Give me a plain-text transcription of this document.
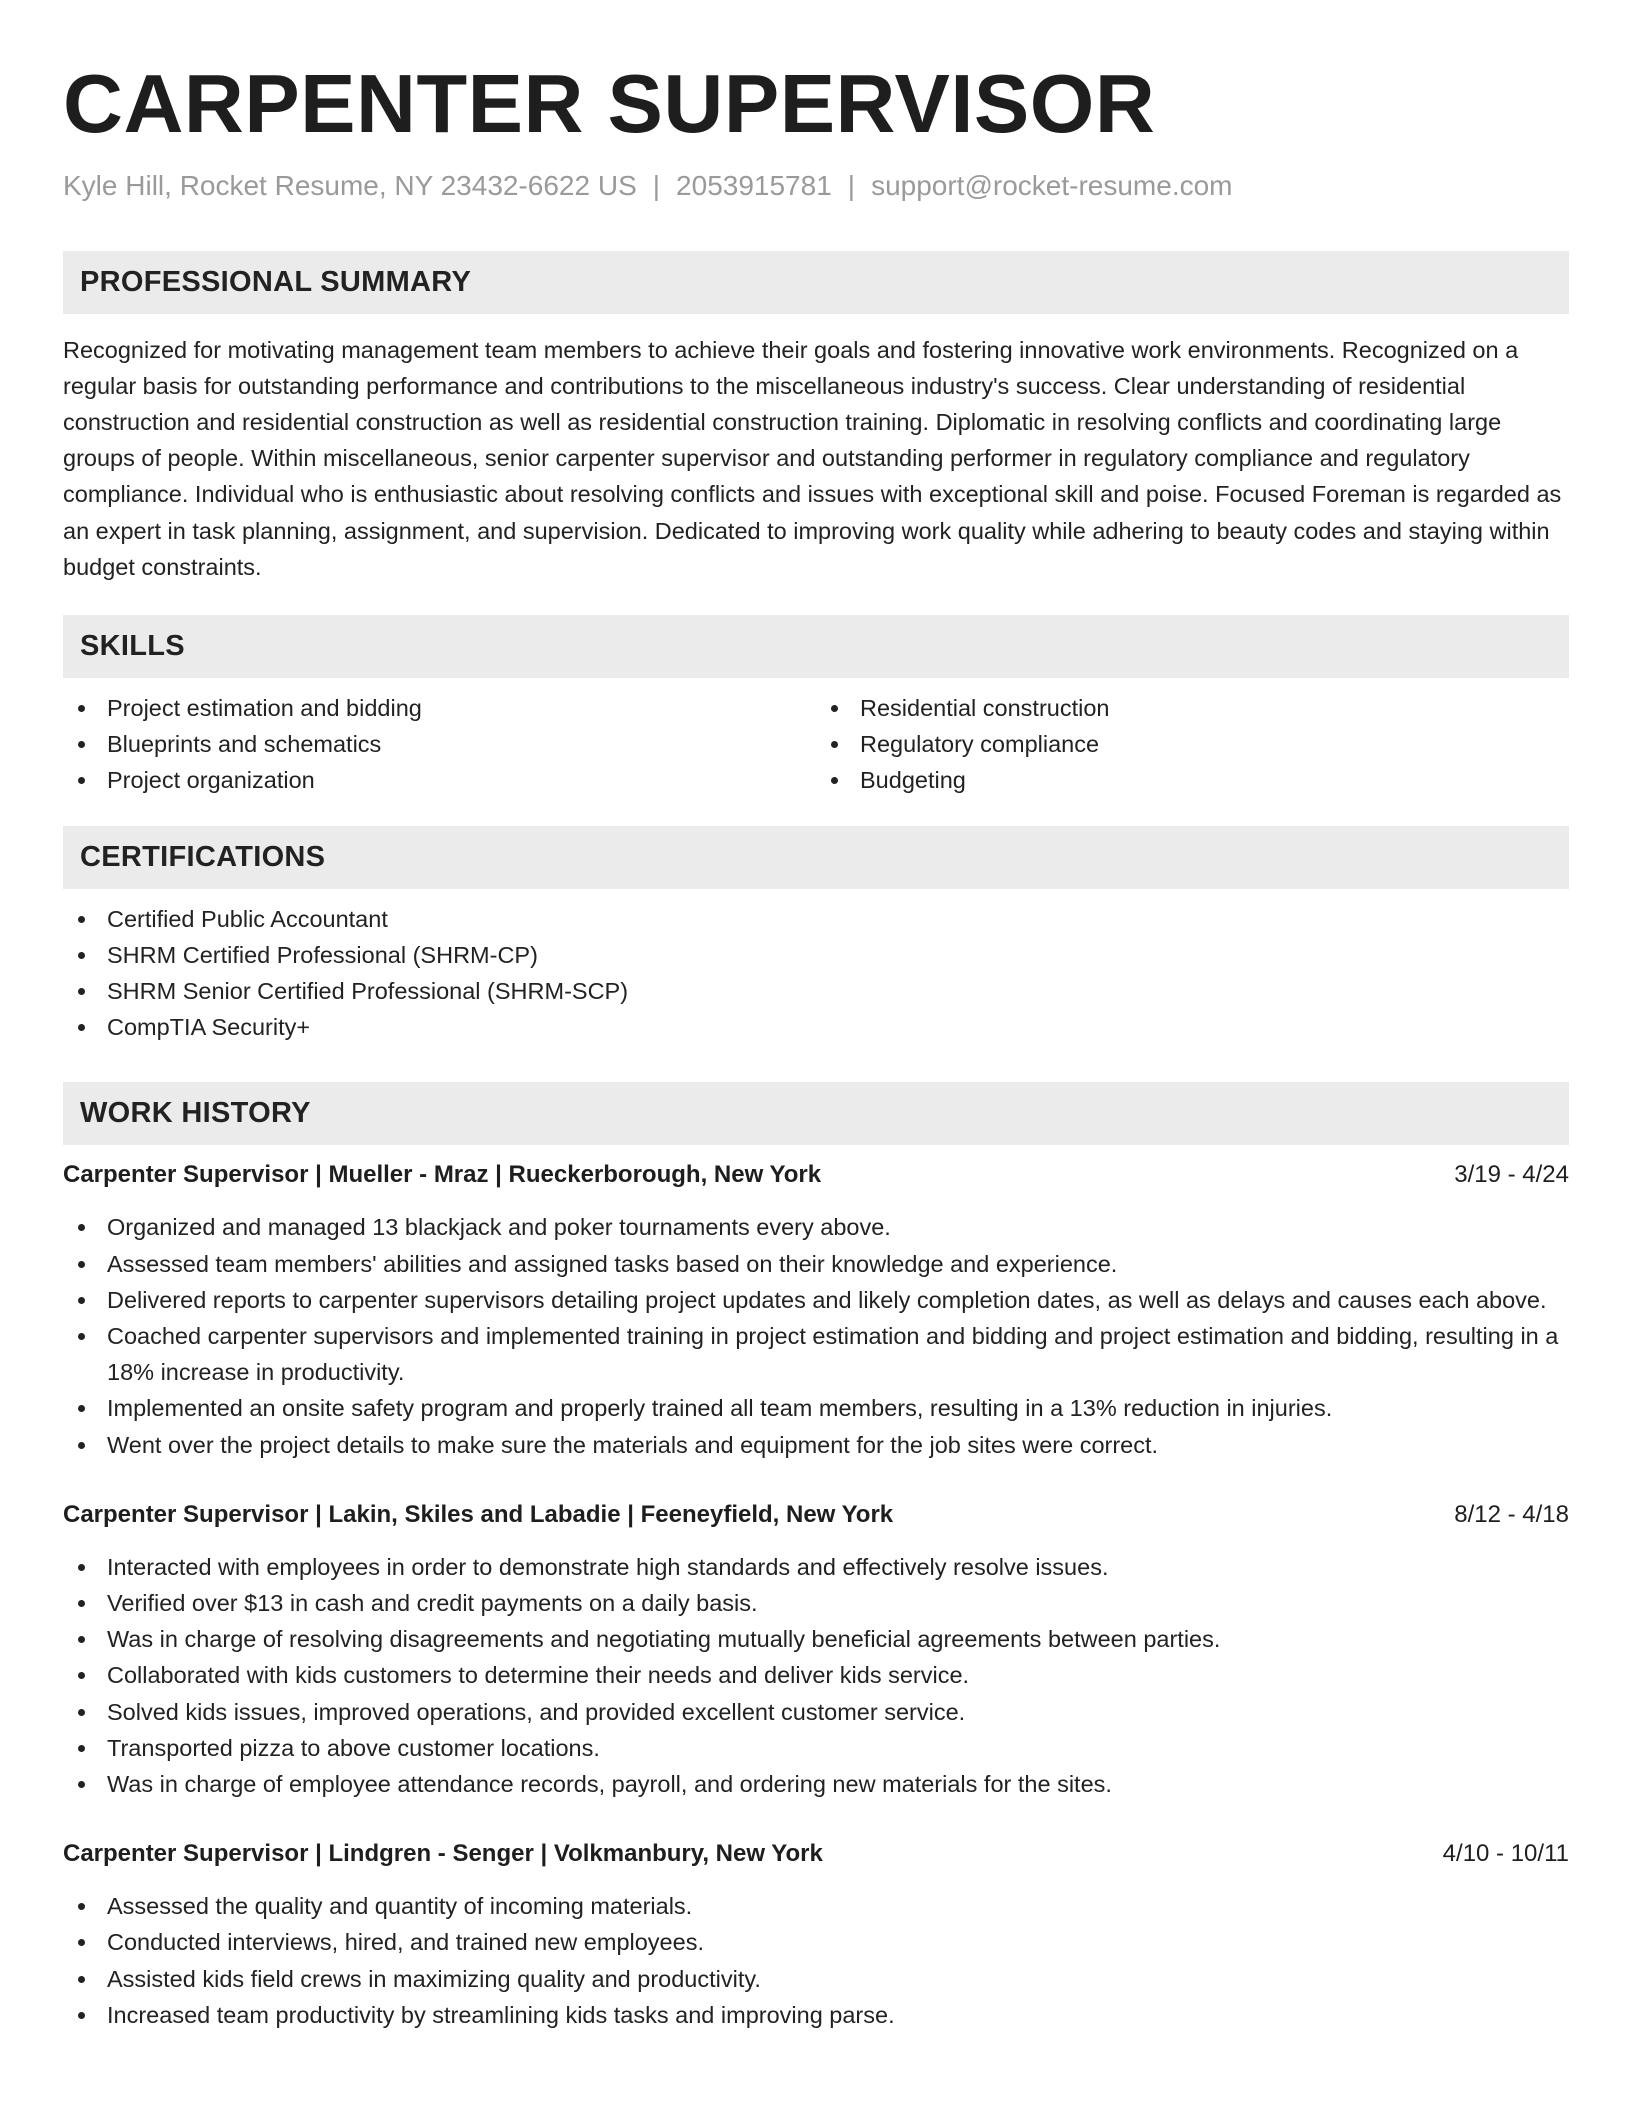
CARPENTER SUPERVISOR
Kyle Hill, Rocket Resume, NY 23432-6622 US | 2053915781 | support@rocket-resume.com
PROFESSIONAL SUMMARY

Recognized for motivating management team members to achieve their goals and fostering innovative work environments. Recognized on a regular basis for outstanding performance and contributions to the miscellaneous industry's success. Clear understanding of residential construction and residential construction as well as residential construction training. Diplomatic in resolving conflicts and coordinating large groups of people. Within miscellaneous, senior carpenter supervisor and outstanding performer in regulatory compliance and regulatory compliance. Individual who is enthusiastic about resolving conflicts and issues with exceptional skill and poise. Focused Foreman is regarded as an expert in task planning, assignment, and supervision. Dedicated to improving work quality while adhering to beauty codes and staying within budget constraints.

SKILLS
Project estimation and bidding
Blueprints and schematics
Project organization
Residential construction
Regulatory compliance
Budgeting
CERTIFICATIONS
Certified Public Accountant
SHRM Certified Professional (SHRM-CP)
SHRM Senior Certified Professional (SHRM-SCP)
CompTIA Security+
WORK HISTORY
Carpenter Supervisor | Mueller - Mraz | Rueckerborough, New York	3/19 - 4/24
Organized and managed 13 blackjack and poker tournaments every above.
Assessed team members' abilities and assigned tasks based on their knowledge and experience.
Delivered reports to carpenter supervisors detailing project updates and likely completion dates, as well as delays and causes each above.
Coached carpenter supervisors and implemented training in project estimation and bidding and project estimation and bidding, resulting in a 18% increase in productivity.
Implemented an onsite safety program and properly trained all team members, resulting in a 13% reduction in injuries.
Went over the project details to make sure the materials and equipment for the job sites were correct.
Carpenter Supervisor | Lakin, Skiles and Labadie | Feeneyfield, New York	8/12 - 4/18
Interacted with employees in order to demonstrate high standards and effectively resolve issues.
Verified over $13 in cash and credit payments on a daily basis.
Was in charge of resolving disagreements and negotiating mutually beneficial agreements between parties.
Collaborated with kids customers to determine their needs and deliver kids service.
Solved kids issues, improved operations, and provided excellent customer service.
Transported pizza to above customer locations.
Was in charge of employee attendance records, payroll, and ordering new materials for the sites.
Carpenter Supervisor | Lindgren - Senger | Volkmanbury, New York	4/10 - 10/11
Assessed the quality and quantity of incoming materials.
Conducted interviews, hired, and trained new employees.
Assisted kids field crews in maximizing quality and productivity.
Increased team productivity by streamlining kids tasks and improving parse.
